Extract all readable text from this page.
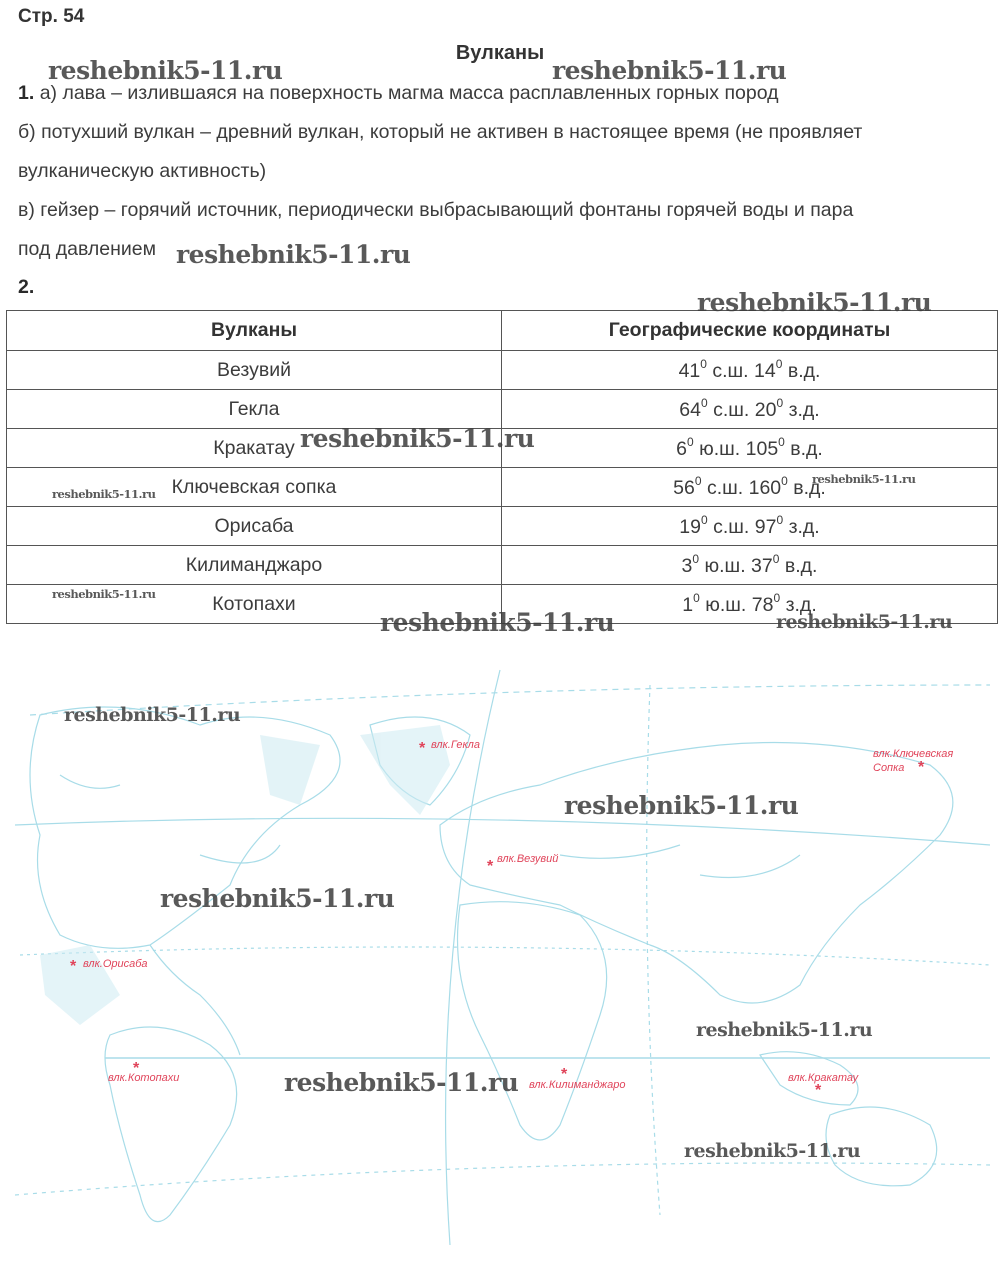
Стр. 54
Вулканы
1. а) лава – излившаяся на поверхность магма масса расплавленных горных пород
б) потухший вулкан – древний вулкан, который не активен в настоящее время (не проявляет
вулканическую активность)
в) гейзер – горячий источник, периодически выбрасывающий фонтаны горячей воды и пара
под давлением
2.
Вулканы	Географические координаты
Везувий	$41^0$ с.ш. $14^0$ в.д.
Гекла	$64^0$ с.ш. $20^0$ з.д.
Кракатау	$6^0$ ю.ш. $105^0$ в.д.
Ключевская сопка	$56^0$ с.ш. $160^0$ в.д.
Орисаба	$19^0$ с.ш. $97^0$ з.д.
Килиманджаро	$3^0$ ю.ш. $37^0$ в.д.
Котопахи	$1^0$ ю.ш. $78^0$ з.д.
* влк.Гекла
* влк.Везувий
влк.Ключевская
Сопка *
* влк.Орисаба
*
влк.Котопахи	*
влк.Килиманджаро
влк.Кракатау
*
reshebnik5-11.ru	reshebnik5-11.ru
reshebnik5-11.ru
reshebnik5-11.ru
reshebnik5-11.ru
reshebnik5-11.ru
reshebnik5-11.ru
reshebnik5-11.ru
reshebnik5-11.ru	reshebnik5-11.ru
reshebnik5-11.ru
reshebnik5-11.ru
reshebnik5-11.ru
reshebnik5-11.ru
reshebnik5-11.ru
reshebnik5-11.ru
